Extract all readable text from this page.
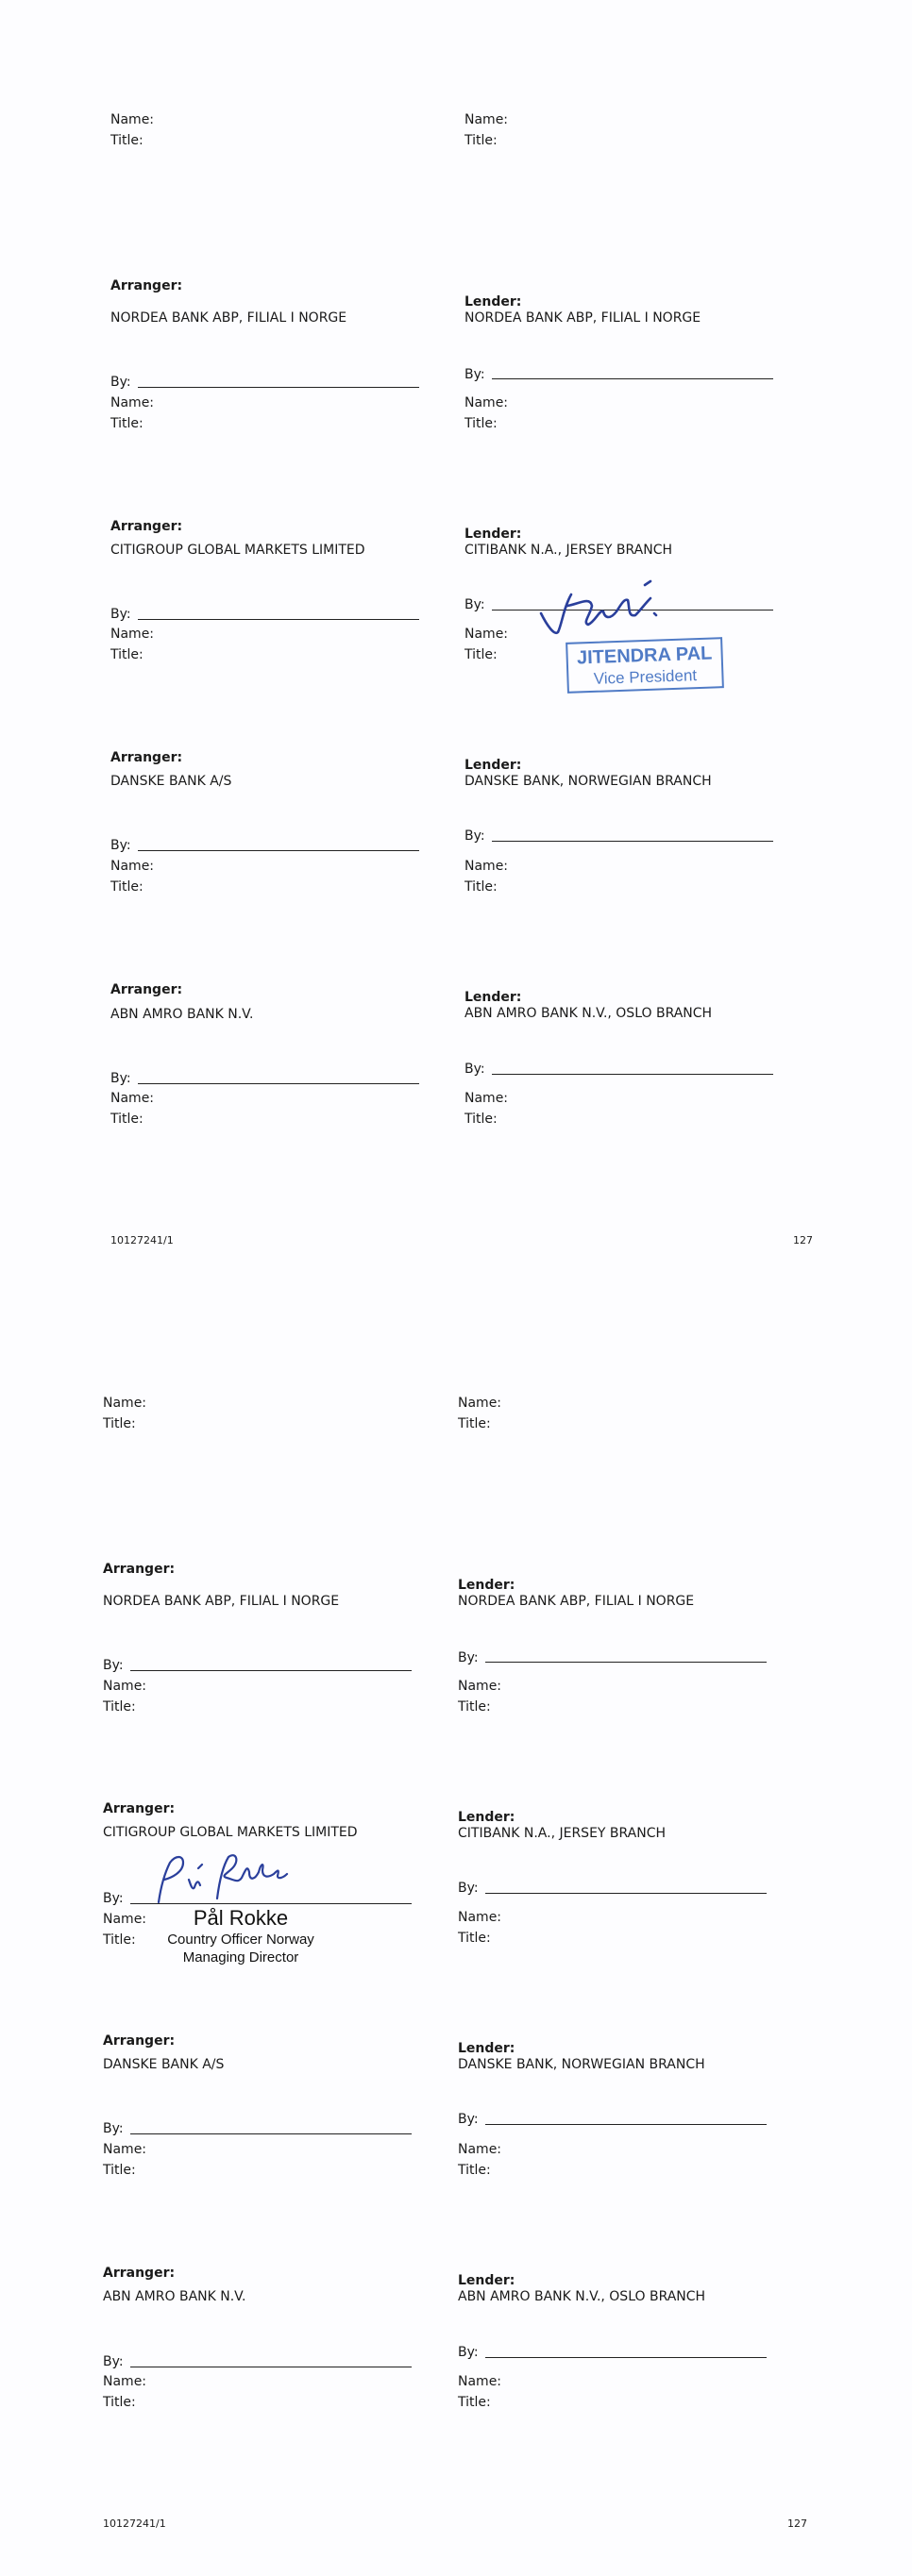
Name:
Title:
Name:
Title:
Arranger:
NORDEA BANK ABP, FILIAL I NORGE
By:
Name:
Title:
Lender:
NORDEA BANK ABP, FILIAL I NORGE
By:
Name:
Title:
Arranger:
CITIGROUP GLOBAL MARKETS LIMITED
By:
Name:
Title:
Lender:
CITIBANK N.A., JERSEY BRANCH
By:
Name:
Title:	JITENDRA PAL
Vice President
Arranger:
DANSKE BANK A/S
By:
Name:
Title:
Lender:
DANSKE BANK, NORWEGIAN BRANCH
By:
Name:
Title:
Arranger:
ABN AMRO BANK N.V.
By:
Name:
Title:
Lender:
ABN AMRO BANK N.V., OSLO BRANCH
By:
Name:
Title:
10127241/1	127
Name:
Title:
Name:
Title:
Arranger:
NORDEA BANK ABP, FILIAL I NORGE
By:
Name:
Title:
Lender:
NORDEA BANK ABP, FILIAL I NORGE
By:
Name:
Title:
Arranger:
CITIGROUP GLOBAL MARKETS LIMITED
By:
Name:
Title:
Pål Rokke
Country Officer Norway
Managing Director
Lender:
CITIBANK N.A., JERSEY BRANCH
By:
Name:
Title:
Arranger:
DANSKE BANK A/S
By:
Name:
Title:
Lender:
DANSKE BANK, NORWEGIAN BRANCH
By:
Name:
Title:
Arranger:
ABN AMRO BANK N.V.
By:
Name:
Title:
Lender:
ABN AMRO BANK N.V., OSLO BRANCH
By:
Name:
Title:
10127241/1	127
